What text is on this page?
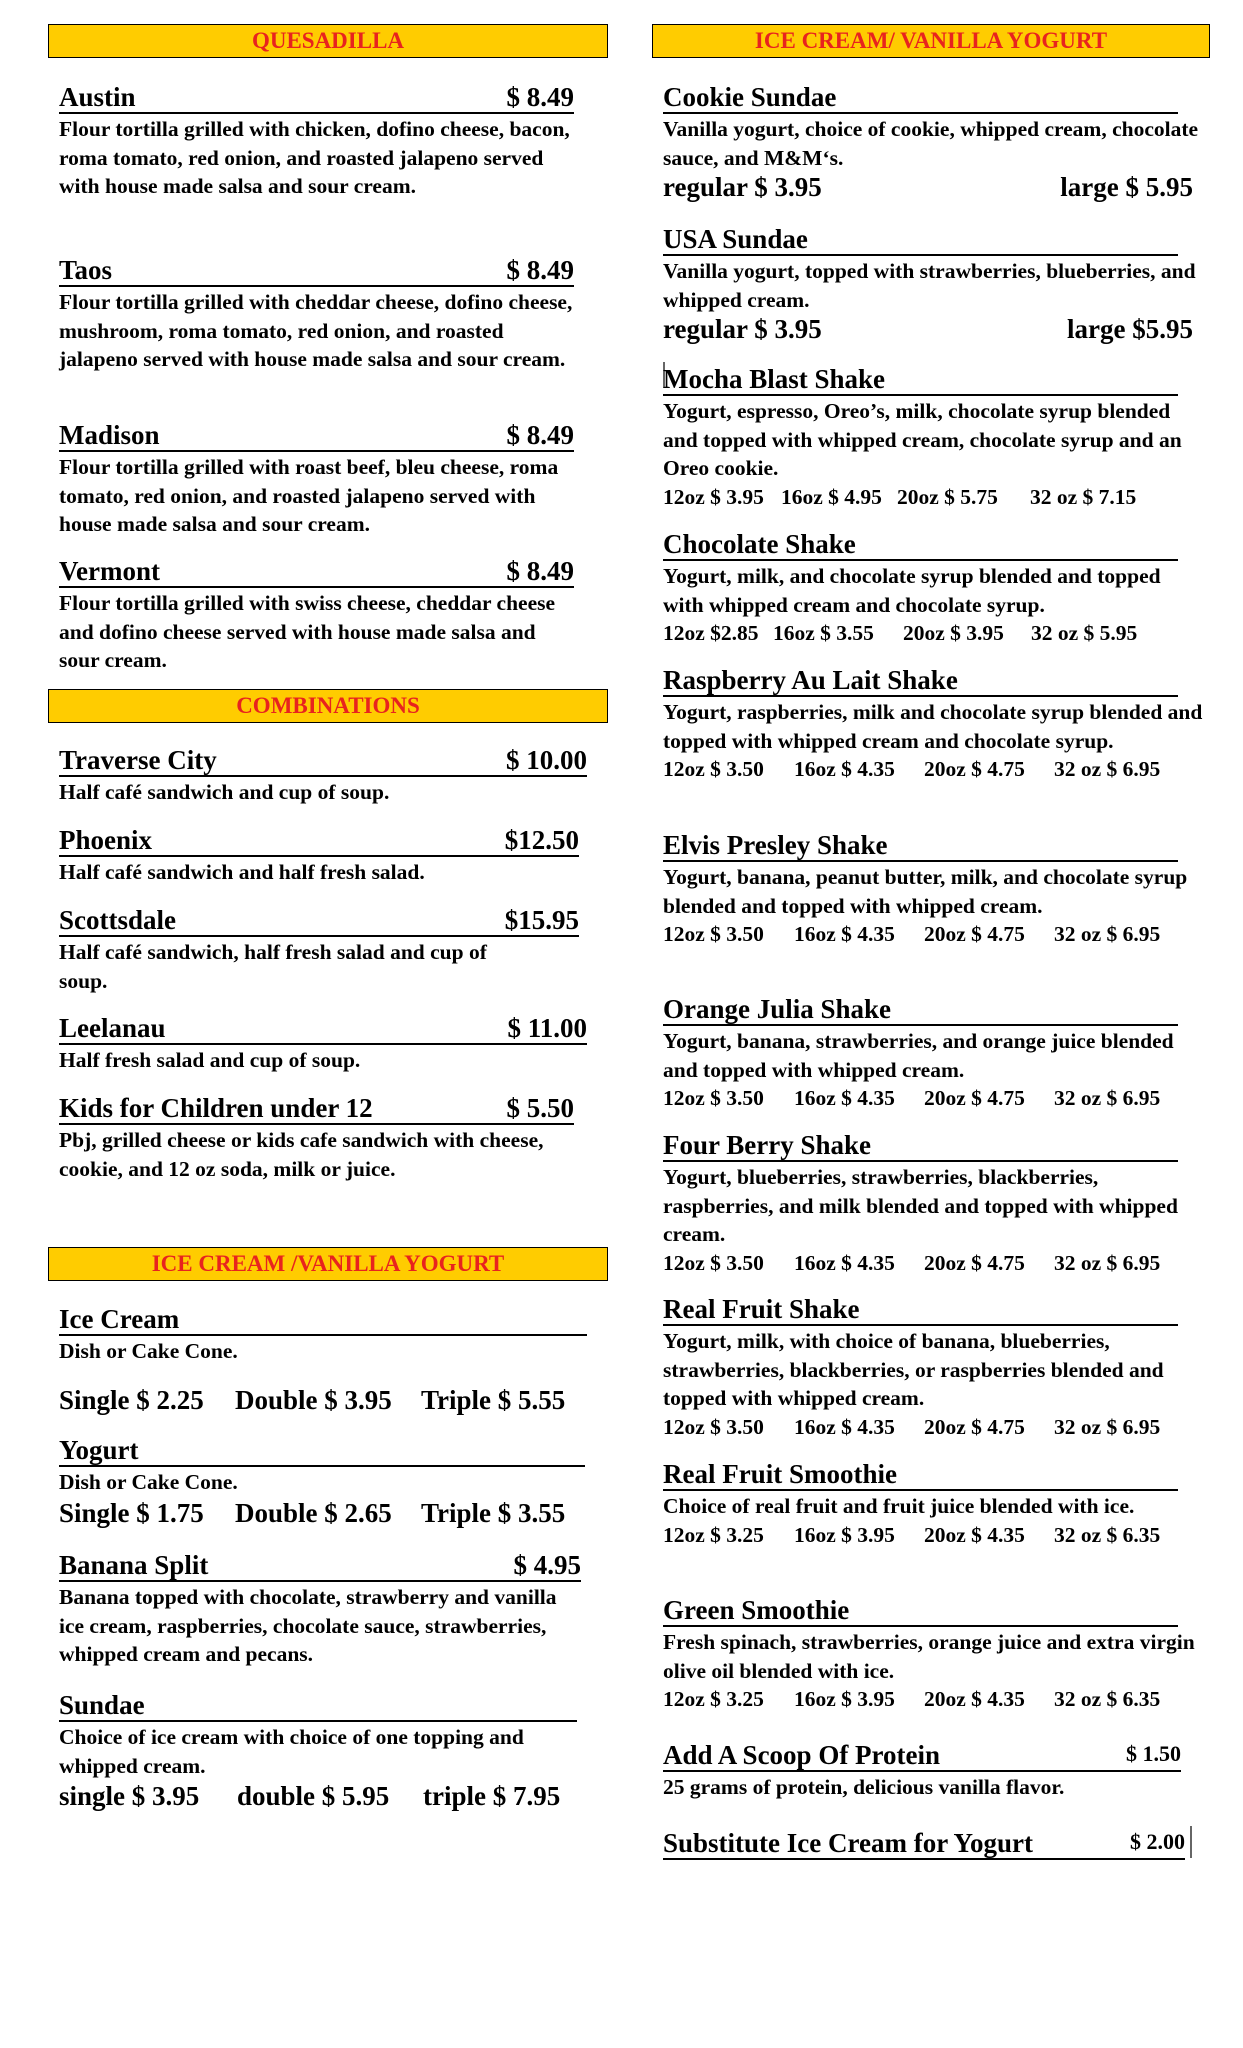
QUESADILLA
Austin	$ 8.49
Flour tortilla grilled with chicken, dofino cheese, bacon, roma tomato, red onion, and roasted jalapeno served with house made salsa and sour cream.
Taos	$ 8.49
Flour tortilla grilled with cheddar cheese, dofino cheese, mushroom, roma tomato, red onion, and roasted jalapeno served with house made salsa and sour cream.
Madison	$ 8.49
Flour tortilla grilled with roast beef, bleu cheese, roma tomato, red onion, and roasted jalapeno served with house made salsa and sour cream.
Vermont	$ 8.49
Flour tortilla grilled with swiss cheese, cheddar cheese and dofino cheese served with house made salsa and sour cream.
COMBINATIONS
Traverse City	$ 10.00
Half café sandwich and cup of soup.
Phoenix	$12.50
Half café sandwich and half fresh salad.
Scottsdale	$15.95
Half café sandwich, half fresh salad and cup of soup.
Leelanau	$ 11.00
Half fresh salad and cup of soup.
Kids for Children under 12	$ 5.50
Pbj, grilled cheese or kids cafe sandwich with cheese, cookie, and 12 oz soda, milk or juice.
ICE CREAM /VANILLA YOGURT
Ice Cream
Dish or Cake Cone.
Single $ 2.25 Double $ 3.95 Triple $ 5.55
Yogurt
Dish or Cake Cone.
Single $ 1.75 Double $ 2.65 Triple $ 3.55
Banana Split	$ 4.95
Banana topped with chocolate, strawberry and vanilla ice cream, raspberries, chocolate sauce, strawberries, whipped cream and pecans.
Sundae
Choice of ice cream with choice of one topping and whipped cream.
single $ 3.95 double $ 5.95 triple $ 7.95
ICE CREAM/ VANILLA YOGURT
Cookie Sundae
Vanilla yogurt, choice of cookie, whipped cream, chocolate sauce, and M&M‘s.
regular $ 3.95	large $ 5.95
USA Sundae
Vanilla yogurt, topped with strawberries, blueberries, and whipped cream.
regular $ 3.95	large $5.95
Mocha Blast Shake
Yogurt, espresso, Oreo’s, milk, chocolate syrup blended and topped with whipped cream, chocolate syrup and an Oreo cookie.
12oz $ 3.95 16oz $ 4.95 20oz $ 5.75 32 oz $ 7.15
Chocolate Shake
Yogurt, milk, and chocolate syrup blended and topped with whipped cream and chocolate syrup.
12oz $2.85 16oz $ 3.55 20oz $ 3.95 32 oz $ 5.95
Raspberry Au Lait Shake
Yogurt, raspberries, milk and chocolate syrup blended and topped with whipped cream and chocolate syrup.
12oz $ 3.50 16oz $ 4.35 20oz $ 4.75 32 oz $ 6.95
Elvis Presley Shake
Yogurt, banana, peanut butter, milk, and chocolate syrup blended and topped with whipped cream.
12oz $ 3.50 16oz $ 4.35 20oz $ 4.75 32 oz $ 6.95
Orange Julia Shake
Yogurt, banana, strawberries, and orange juice blended and topped with whipped cream.
12oz $ 3.50 16oz $ 4.35 20oz $ 4.75 32 oz $ 6.95
Four Berry Shake
Yogurt, blueberries, strawberries, blackberries, raspberries, and milk blended and topped with whipped cream.
12oz $ 3.50 16oz $ 4.35 20oz $ 4.75 32 oz $ 6.95
Real Fruit Shake
Yogurt, milk, with choice of banana, blueberries, strawberries, blackberries, or raspberries blended and topped with whipped cream.
12oz $ 3.50 16oz $ 4.35 20oz $ 4.75 32 oz $ 6.95
Real Fruit Smoothie
Choice of real fruit and fruit juice blended with ice.
12oz $ 3.25 16oz $ 3.95 20oz $ 4.35 32 oz $ 6.35
Green Smoothie
Fresh spinach, strawberries, orange juice and extra virgin olive oil blended with ice.
12oz $ 3.25 16oz $ 3.95 20oz $ 4.35 32 oz $ 6.35
Add A Scoop Of Protein	$ 1.50
25 grams of protein, delicious vanilla flavor.
Substitute Ice Cream for Yogurt	$ 2.00
